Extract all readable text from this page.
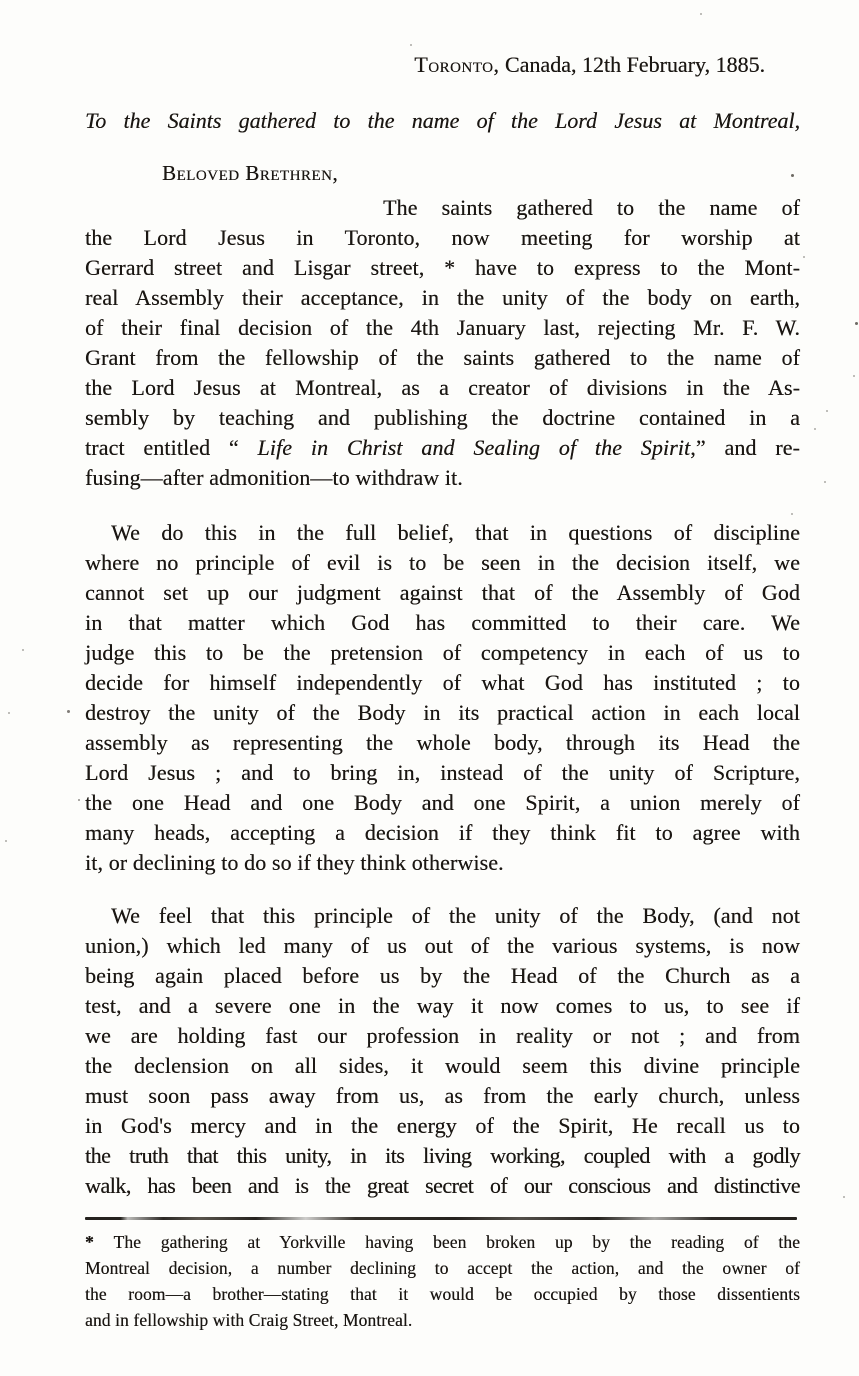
Toronto, Canada, 12th February, 1885.
To the Saints gathered to the name of the Lord Jesus at Montreal,
Beloved Brethren,
The saints gathered to the name of
the Lord Jesus in Toronto, now meeting for worship at
Gerrard street and Lisgar street, * have to express to the Mont-
real Assembly their acceptance, in the unity of the body on earth,
of their final decision of the 4th January last, rejecting Mr. F. W.
Grant from the fellowship of the saints gathered to the name of
the Lord Jesus at Montreal, as a creator of divisions in the As-
sembly by teaching and publishing the doctrine contained in a
tract entitled “ Life in Christ and Sealing of the Spirit,” and re-
fusing—after admonition—to withdraw it.
We do this in the full belief, that in questions of discipline
where no principle of evil is to be seen in the decision itself, we
cannot set up our judgment against that of the Assembly of God
in that matter which God has committed to their care. We
judge this to be the pretension of competency in each of us to
decide for himself independently of what God has instituted ; to
destroy the unity of the Body in its practical action in each local
assembly as representing the whole body, through its Head the
Lord Jesus ; and to bring in, instead of the unity of Scripture,
the one Head and one Body and one Spirit, a union merely of
many heads, accepting a decision if they think fit to agree with
it, or declining to do so if they think otherwise.
We feel that this principle of the unity of the Body, (and not
union,) which led many of us out of the various systems, is now
being again placed before us by the Head of the Church as a
test, and a severe one in the way it now comes to us, to see if
we are holding fast our profession in reality or not ; and from
the declension on all sides, it would seem this divine principle
must soon pass away from us, as from the early church, unless
in God's mercy and in the energy of the Spirit, He recall us to
the truth that this unity, in its living working, coupled with a godly
walk, has been and is the great secret of our conscious and distinctive
* The gathering at Yorkville having been broken up by the reading of the
Montreal decision, a number declining to accept the action, and the owner of
the room—a brother—stating that it would be occupied by those dissentients
and in fellowship with Craig Street, Montreal.
